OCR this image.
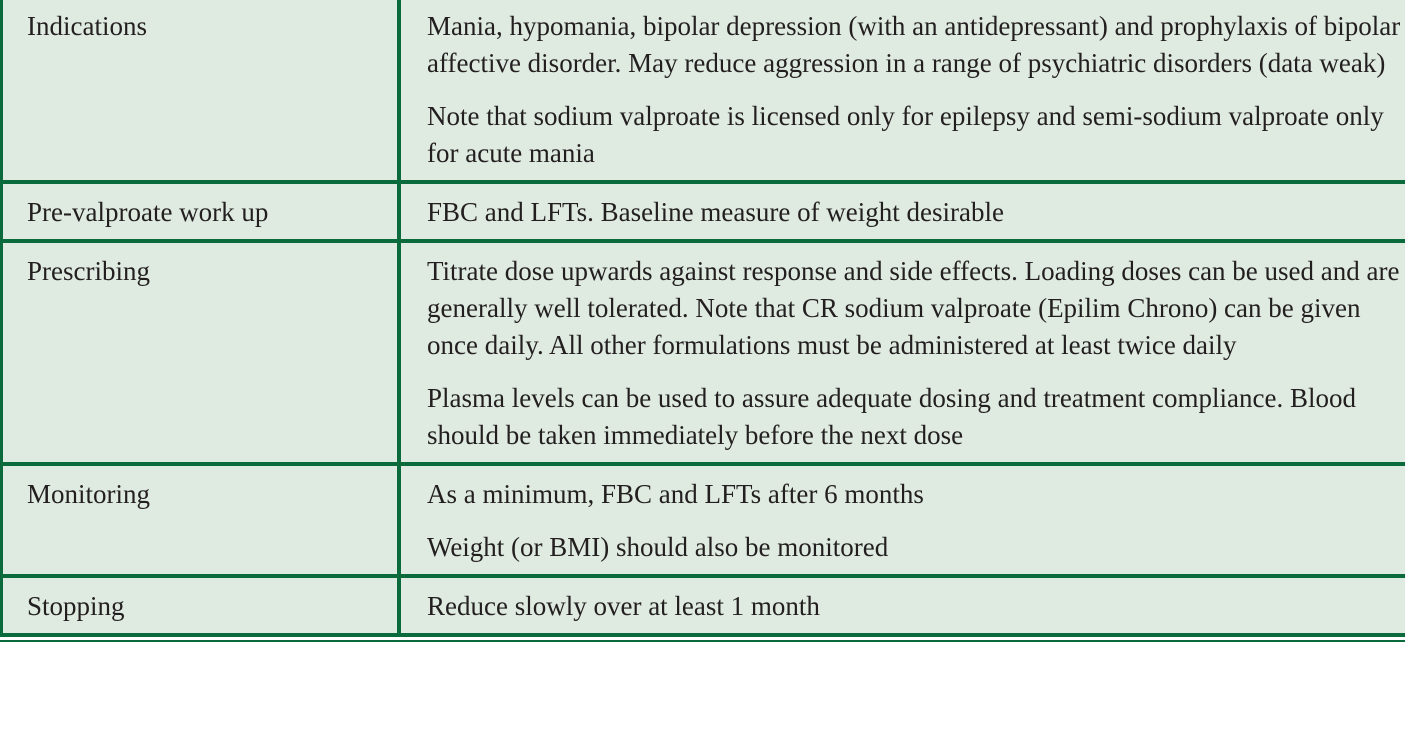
Indications	Mania, hypomania, bipolar depression (with an antidepressant) and prophylaxis of bipolar affective disorder. May reduce aggression in a range of psychiatric disorders (data weak)

Note that sodium valproate is licensed only for epilepsy and semi-sodium valproate only for acute mania

Pre-valproate work up	FBC and LFTs. Baseline measure of weight desirable

Prescribing	Titrate dose upwards against response and side effects. Loading doses can be used and are generally well tolerated. Note that CR sodium valproate (Epilim Chrono) can be given once daily. All other formulations must be administered at least twice daily

Plasma levels can be used to assure adequate dosing and treatment compliance. Blood should be taken immediately before the next dose

Monitoring	As a minimum, FBC and LFTs after 6 months

Weight (or BMI) should also be monitored

Stopping	Reduce slowly over at least 1 month
